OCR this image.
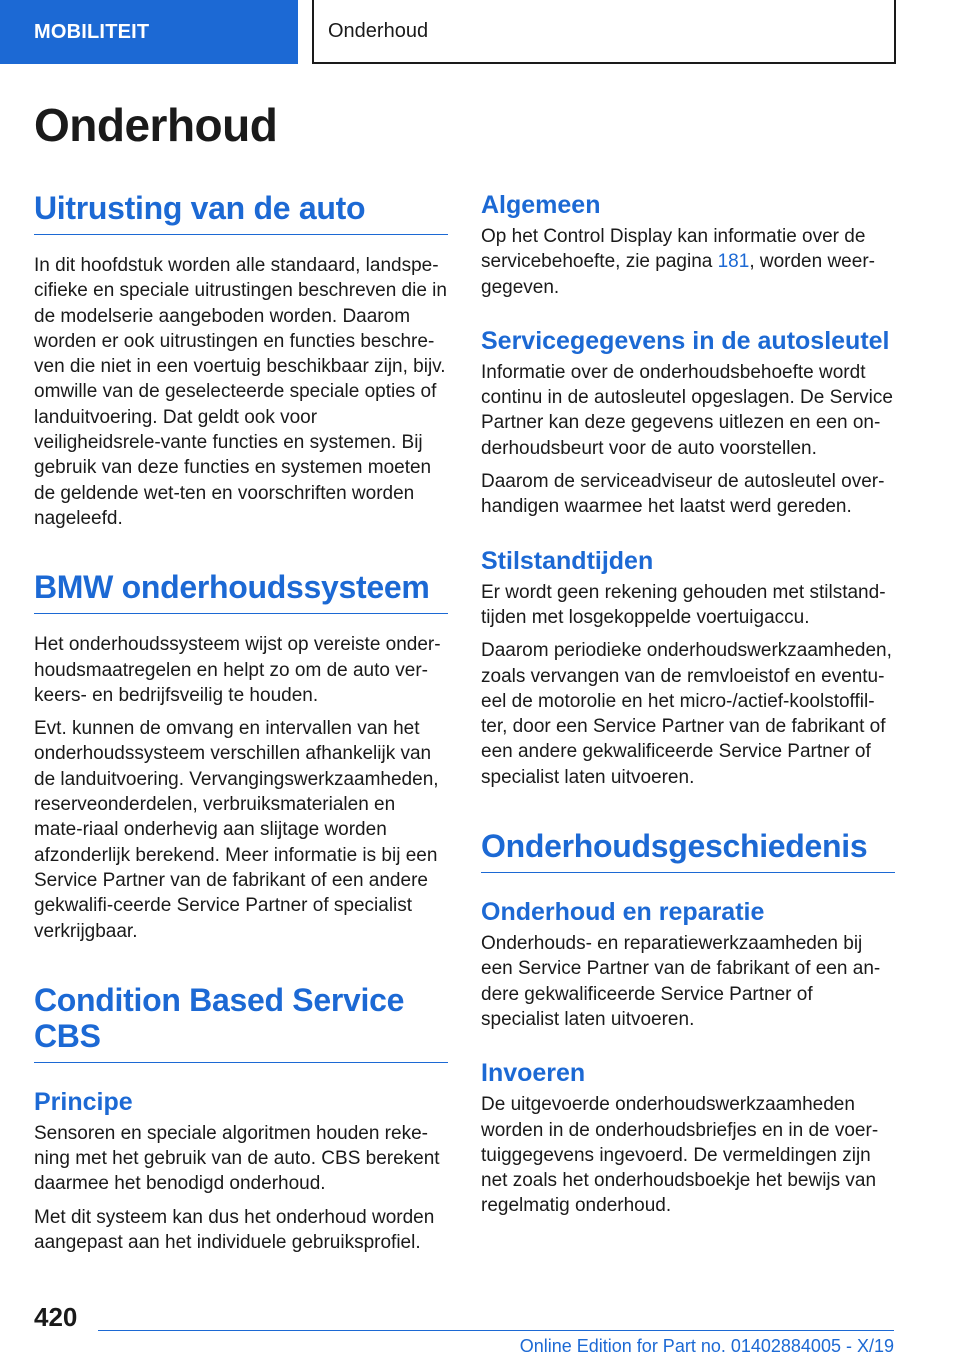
MOBILITEIT	Onderhoud
Onderhoud
Uitrusting van de auto

In dit hoofdstuk worden alle standaard, landspe-cifieke en speciale uitrustingen beschreven die in de modelserie aangeboden worden. Daarom worden er ook uitrustingen en functies beschre-ven die niet in een voertuig beschikbaar zijn, bijv. omwille van de geselecteerde speciale opties of landuitvoering. Dat geldt ook voor veiligheidsrele-vante functies en systemen. Bij gebruik van deze functies en systemen moeten de geldende wet-ten en voorschriften worden nageleefd.

BMW onderhoudssysteem

Het onderhoudssysteem wijst op vereiste onder-houdsmaatregelen en helpt zo om de auto ver-keers- en bedrijfsveilig te houden.

Evt. kunnen de omvang en intervallen van het onderhoudssysteem verschillen afhankelijk van de landuitvoering. Vervangingswerkzaamheden, reserveonderdelen, verbruiksmaterialen en mate-riaal onderhevig aan slijtage worden afzonderlijk berekend. Meer informatie is bij een Service Partner van de fabrikant of een andere gekwalifi-ceerde Service Partner of specialist verkrijgbaar.

Condition Based Service CBS
Principe

Sensoren en speciale algoritmen houden reke-ning met het gebruik van de auto. CBS berekent daarmee het benodigd onderhoud.

Met dit systeem kan dus het onderhoud worden aangepast aan het individuele gebruiksprofiel.

Algemeen

Op het Control Display kan informatie over de servicebehoefte, zie pagina 181, worden weer-gegeven.

Servicegegevens in de autosleutel

Informatie over de onderhoudsbehoefte wordt continu in de autosleutel opgeslagen. De Service Partner kan deze gegevens uitlezen en een on-derhoudsbeurt voor de auto voorstellen.

Daarom de serviceadviseur de autosleutel over-handigen waarmee het laatst werd gereden.

Stilstandtijden

Er wordt geen rekening gehouden met stilstand-tijden met losgekoppelde voertuigaccu.

Daarom periodieke onderhoudswerkzaamheden, zoals vervangen van de remvloeistof en eventu-eel de motorolie en het micro-/actief-koolstoffil-ter, door een Service Partner van de fabrikant of een andere gekwalificeerde Service Partner of specialist laten uitvoeren.

Onderhoudsgeschiedenis
Onderhoud en reparatie

Onderhouds- en reparatiewerkzaamheden bij een Service Partner van de fabrikant of een an-dere gekwalificeerde Service Partner of specialist laten uitvoeren.

Invoeren

De uitgevoerde onderhoudswerkzaamheden worden in de onderhoudsbriefjes en in de voer-tuiggegevens ingevoerd. De vermeldingen zijn net zoals het onderhoudsboekje het bewijs van regelmatig onderhoud.

420
Online Edition for Part no. 01402884005 - X/19
